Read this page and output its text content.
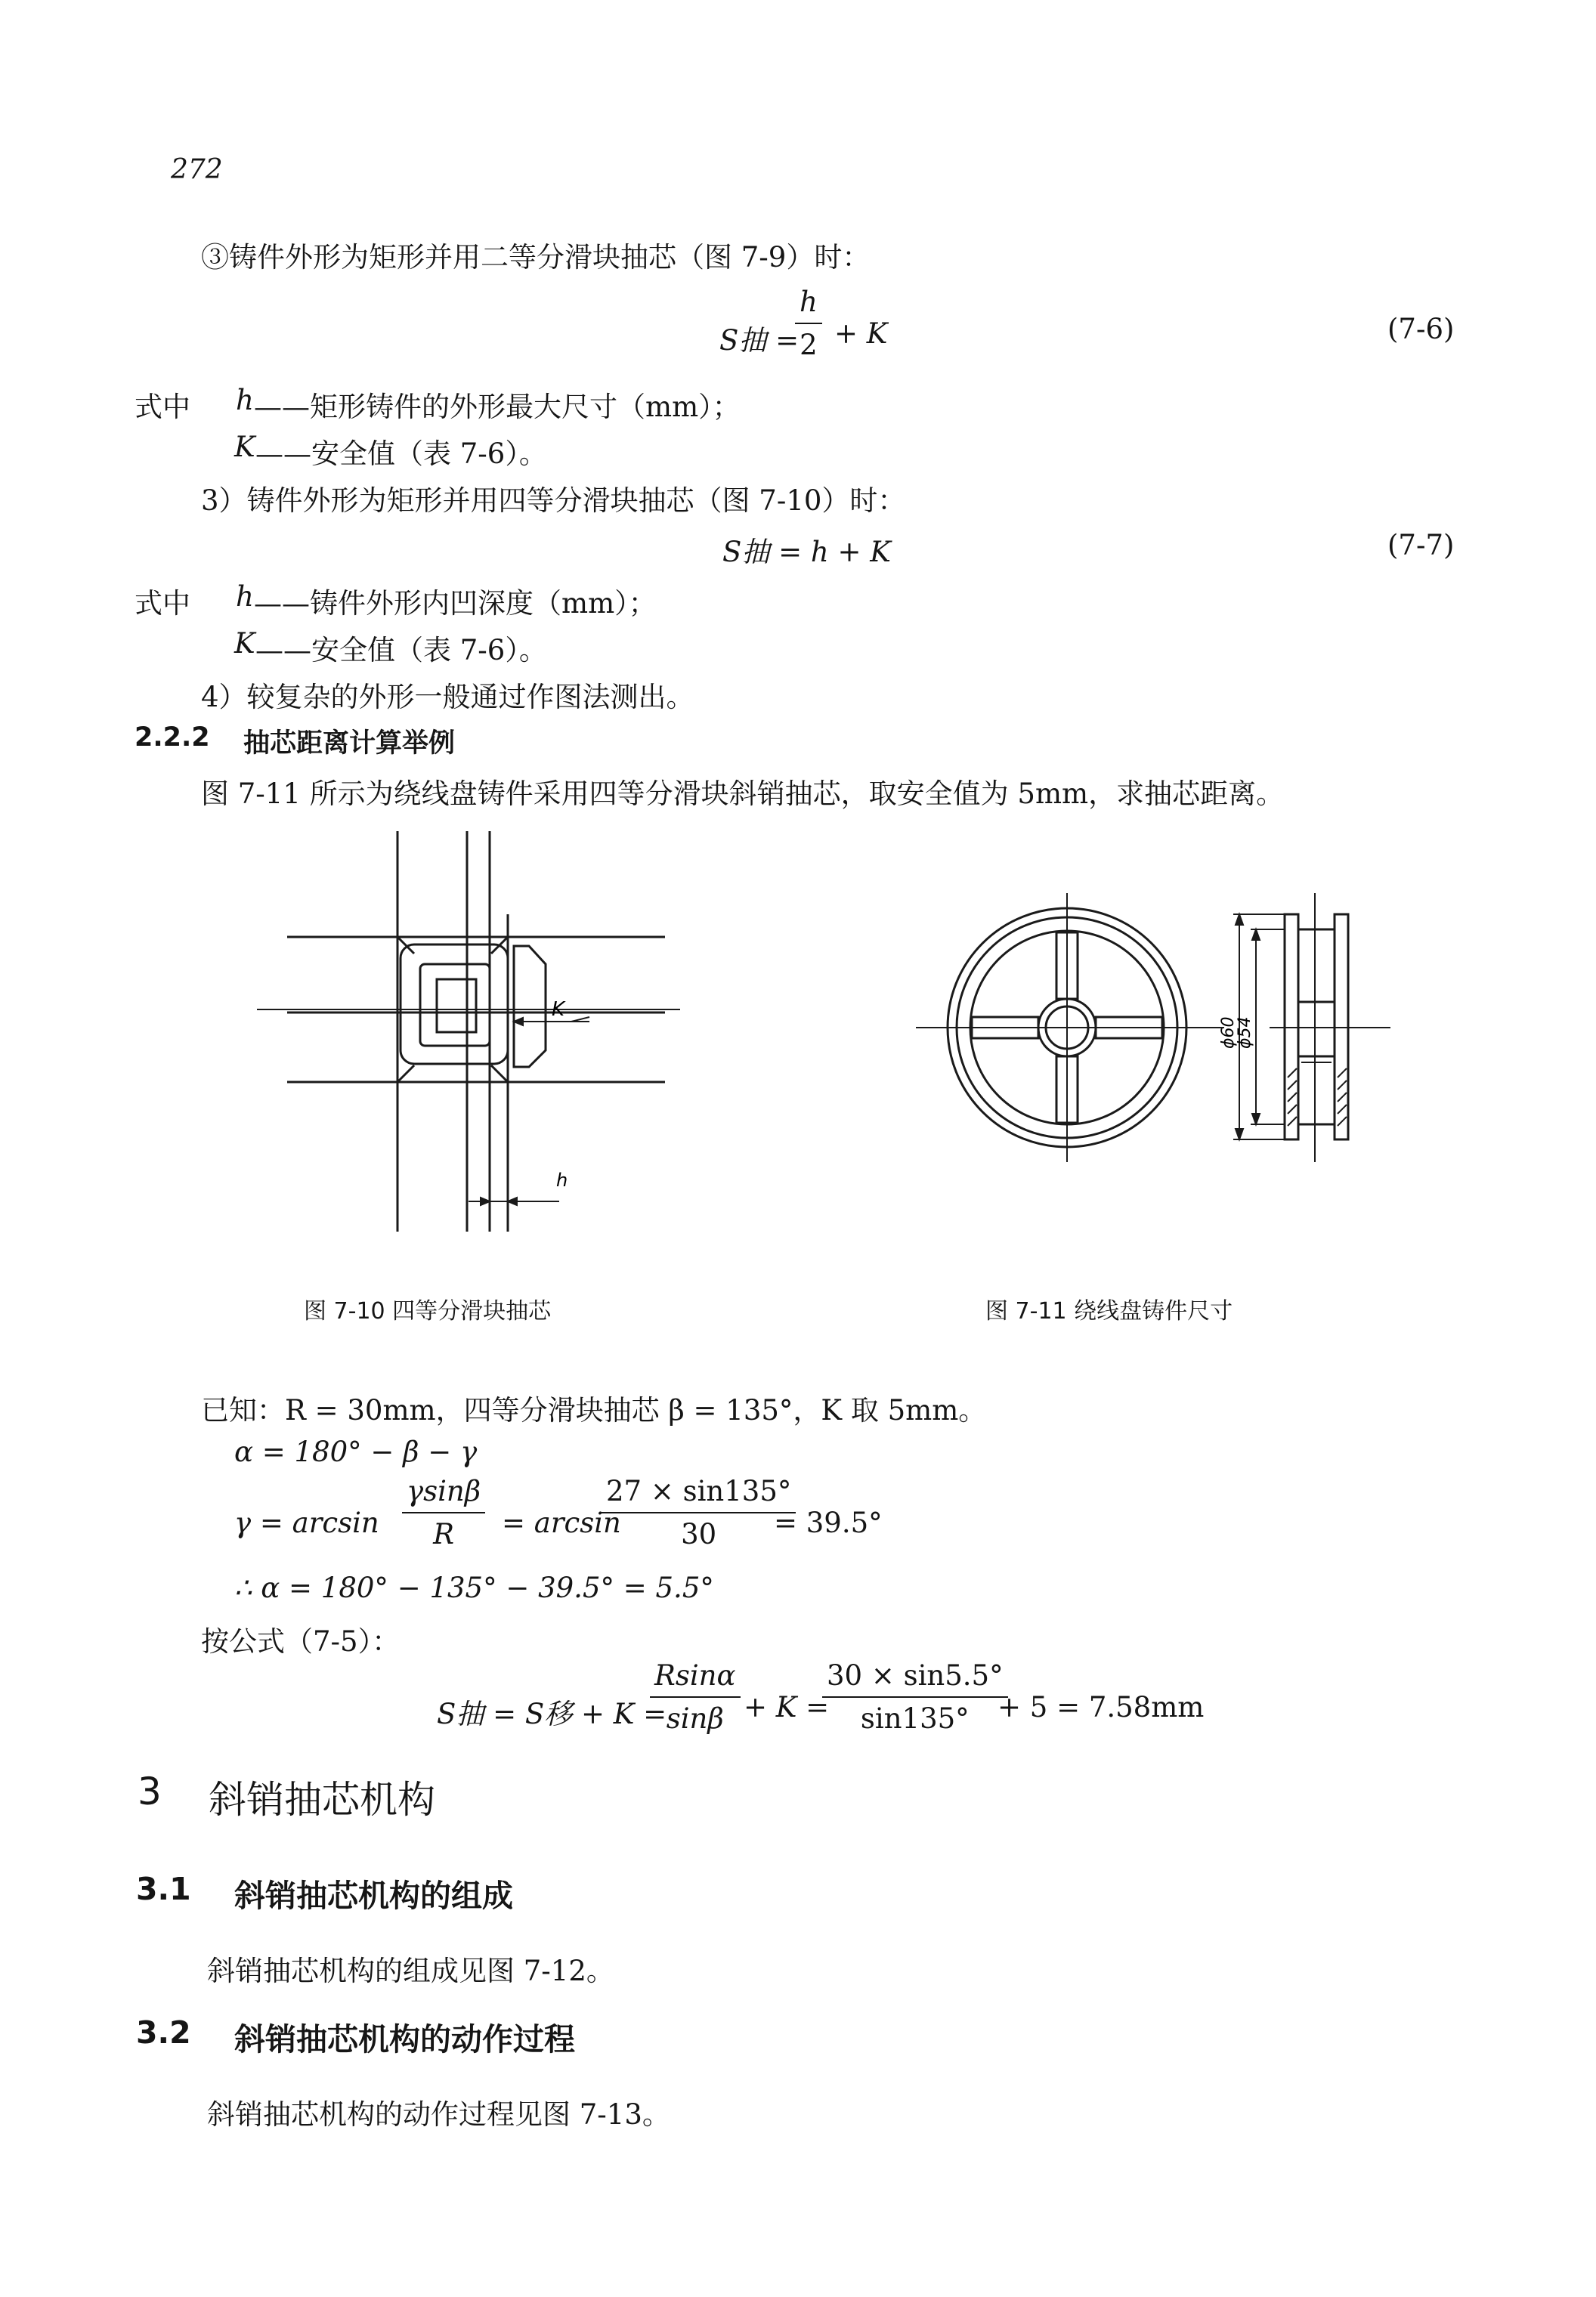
272
③铸件外形为矩形并用二等分滑块抽芯（图 7-9）时：
S抽 =
$\frac{h}{2} + K$	(7-6)
式中 h ——矩形铸件的外形最大尺寸（mm）；
K ——安全值（表 7-6）。
3）铸件外形为矩形并用四等分滑块抽芯（图 7-10）时：
S抽 = h + K	(7-7)
式中 h ——铸件外形内凹深度（mm）；
K ——安全值（表 7-6）。
4）较复杂的外形一般通过作图法测出。
2.2.2 抽芯距离计算举例
图 7-11 所示为绕线盘铸件采用四等分滑块斜销抽芯，取安全值为 5mm，求抽芯距离。
K
h
图 7-10 四等分滑块抽芯
ϕ60
ϕ54
图 7-11 绕线盘铸件尺寸
已知：R = 30mm，四等分滑块抽芯 β = 135°，K 取 5mm。
α = 180° − β − γ
$\gamma = \arcsin \frac{\gamma\sin\beta}{R} = \arcsin$
$\frac{27 \times \sin 135^\circ}{30}$
= 39.5°
∴ α = 180° − 135° − 39.5° = 5.5°
按公式（7-5）：
S抽 = S移 + K =
$\frac{Rsin\alpha}{\sin\beta} + K$ =
$\frac{30 \times \sin 5.5^\circ}{\sin 135^\circ}$
+ 5 = 7.58mm
3 斜销抽芯机构
3.1 斜销抽芯机构的组成
斜销抽芯机构的组成见图 7-12。
3.2 斜销抽芯机构的动作过程
斜销抽芯机构的动作过程见图 7-13。
